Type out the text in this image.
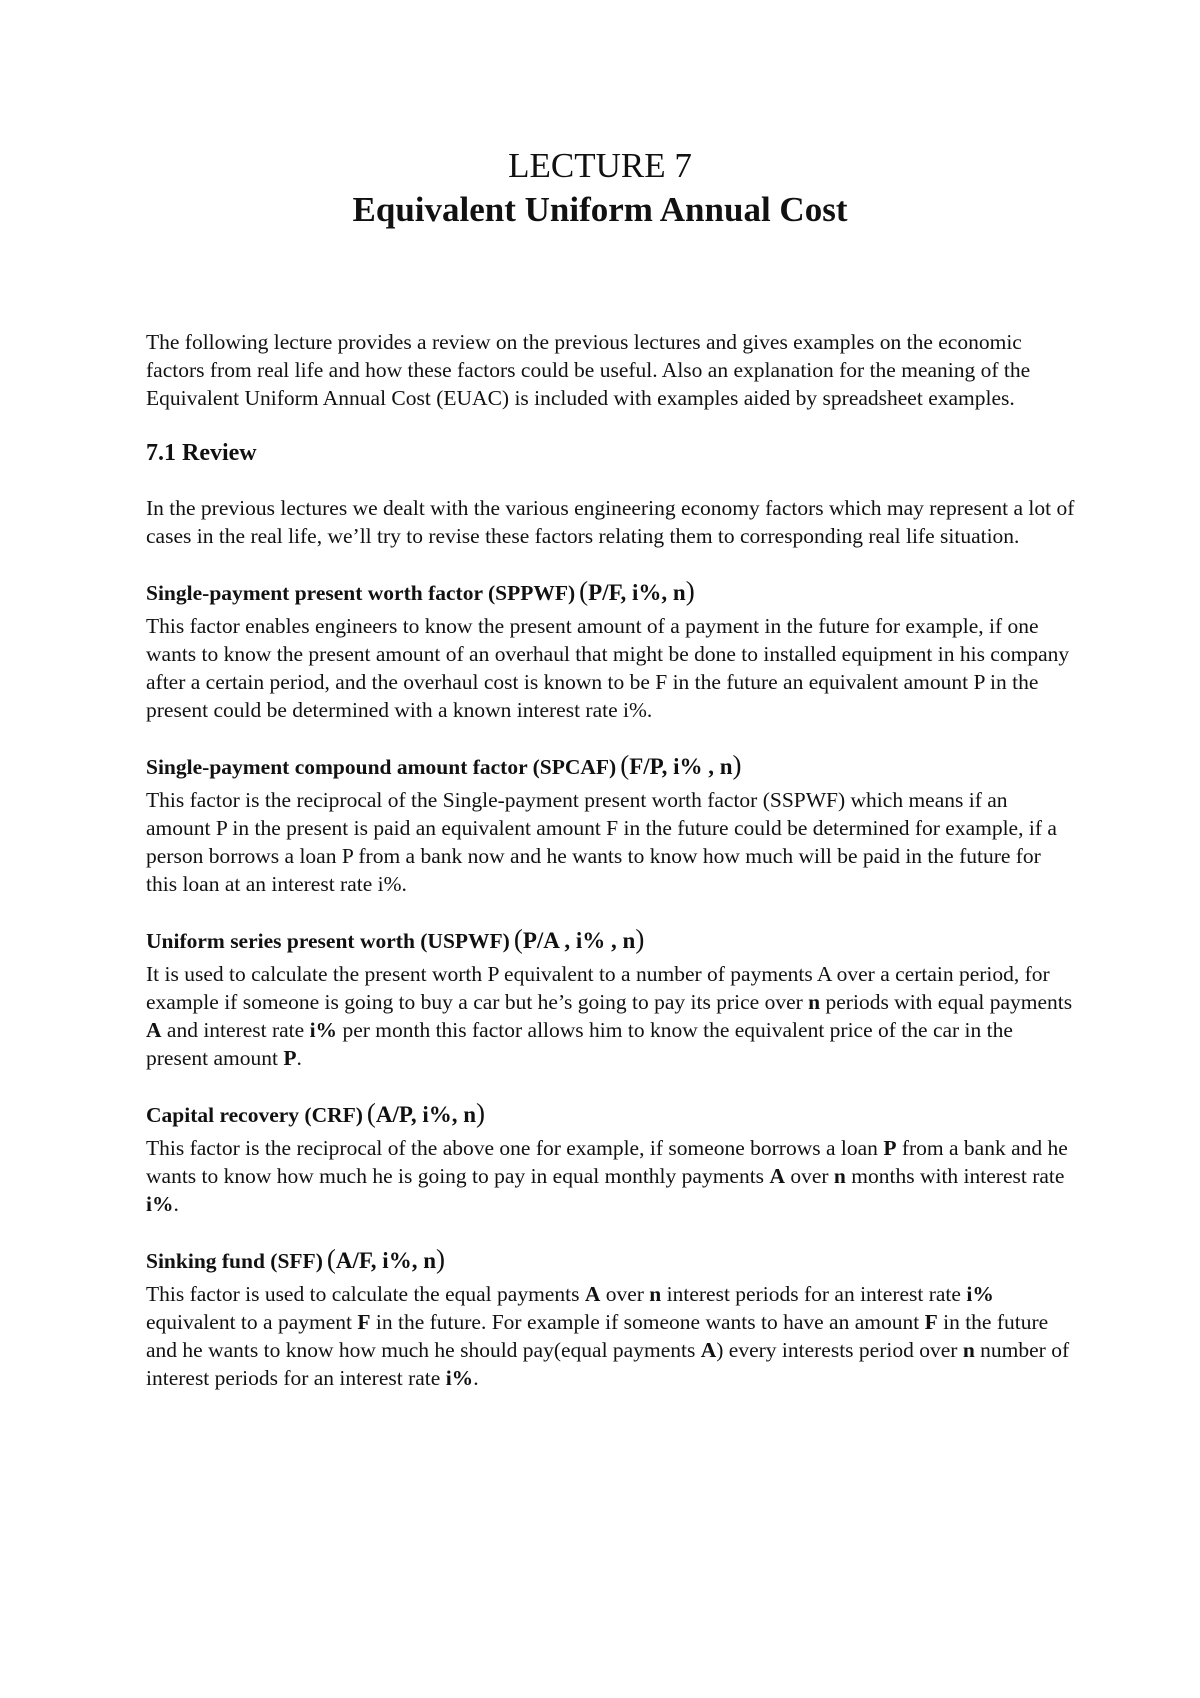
LECTURE 7
Equivalent Uniform Annual Cost

The following lecture provides a review on the previous lectures and gives examples on the economic factors from real life and how these factors could be useful. Also an explanation for the meaning of the Equivalent Uniform Annual Cost (EUAC) is included with examples aided by spreadsheet examples.

7.1 Review

In the previous lectures we dealt with the various engineering economy factors which may represent a lot of cases in the real life, we’ll try to revise these factors relating them to corresponding real life situation.

Single-payment present worth factor (SPPWF) (P/F, i%, n)

This factor enables engineers to know the present amount of a payment in the future for example, if one wants to know the present amount of an overhaul that might be done to installed equipment in his company after a certain period, and the overhaul cost is known to be F in the future an equivalent amount P in the present could be determined with a known interest rate i%.

Single-payment compound amount factor (SPCAF) (F/P, i% , n)

This factor is the reciprocal of the Single-payment present worth factor (SSPWF) which means if an amount P in the present is paid an equivalent amount F in the future could be determined for example, if a person borrows a loan P from a bank now and he wants to know how much will be paid in the future for this loan at an interest rate i%.

Uniform series present worth (USPWF) (P/A , i% , n)

It is used to calculate the present worth P equivalent to a number of payments A over a certain period, for example if someone is going to buy a car but he’s going to pay its price over n periods with equal payments A and interest rate i% per month this factor allows him to know the equivalent price of the car in the present amount P.

Capital recovery (CRF) (A/P, i%, n)

This factor is the reciprocal of the above one for example, if someone borrows a loan P from a bank and he wants to know how much he is going to pay in equal monthly payments A over n months with interest rate i%.

Sinking fund (SFF) (A/F, i%, n)

This factor is used to calculate the equal payments A over n interest periods for an interest rate i% equivalent to a payment F in the future. For example if someone wants to have an amount F in the future and he wants to know how much he should pay(equal payments A) every interests period over n number of interest periods for an interest rate i%.
